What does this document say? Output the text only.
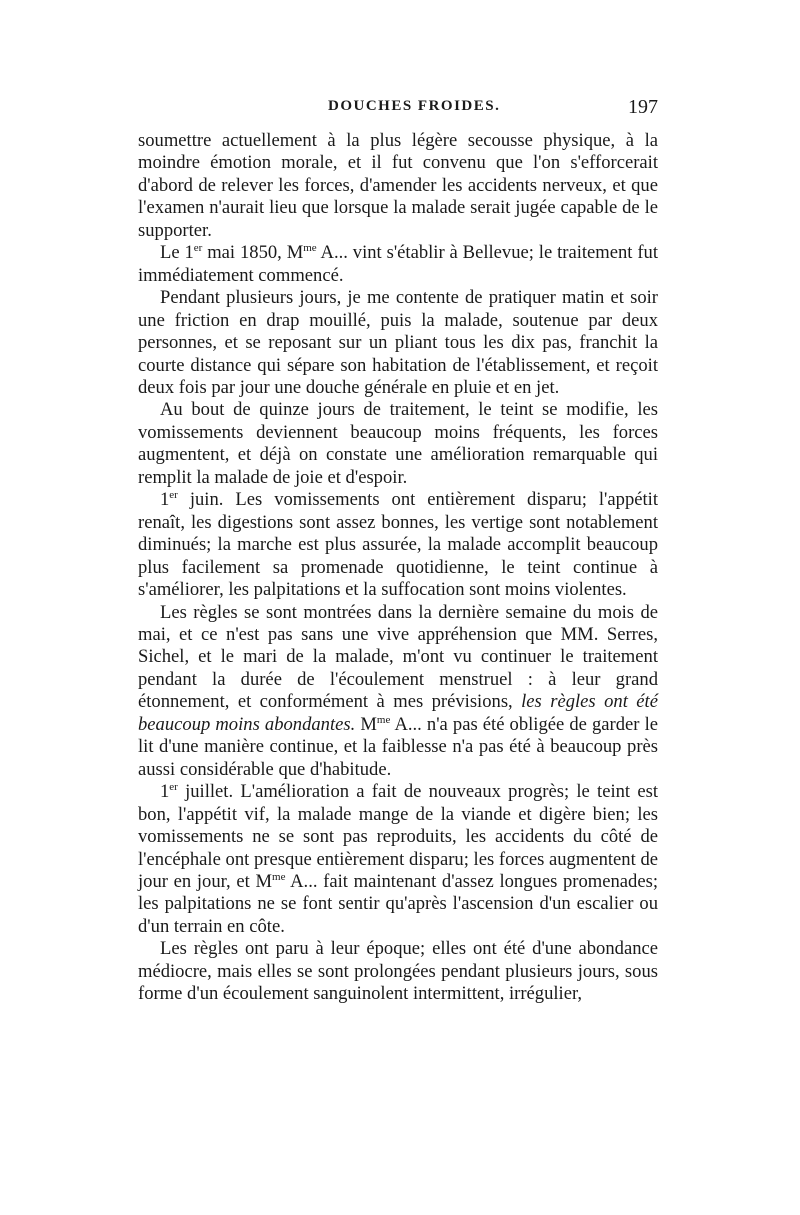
DOUCHES FROIDES.	197

soumettre actuellement à la plus légère secousse physique, à la moindre émotion morale, et il fut convenu que l'on s'efforcerait d'abord de relever les forces, d'amender les accidents nerveux, et que l'examen n'aurait lieu que lorsque la malade serait jugée capable de le supporter.

Le 1er mai 1850, $M^{me}$ A... vint s'établir à Bellevue; le traitement fut immédiatement commencé.

Pendant plusieurs jours, je me contente de pratiquer matin et soir une friction en drap mouillé, puis la malade, soutenue par deux personnes, et se reposant sur un pliant tous les dix pas, franchit la courte distance qui sépare son habitation de l'établissement, et reçoit deux fois par jour une douche générale en pluie et en jet.

Au bout de quinze jours de traitement, le teint se modifie, les vomissements deviennent beaucoup moins fréquents, les forces augmentent, et déjà on constate une amélioration remarquable qui remplit la malade de joie et d'espoir.

1er juin. Les vomissements ont entièrement disparu; l'appétit renaît, les digestions sont assez bonnes, les vertige sont notablement diminués; la marche est plus assurée, la malade accomplit beaucoup plus facilement sa promenade quotidienne, le teint continue à s'améliorer, les palpitations et la suffocation sont moins violentes.

Les règles se sont montrées dans la dernière semaine du mois de mai, et ce n'est pas sans une vive appréhension que MM. Serres, Sichel, et le mari de la malade, m'ont vu continuer le traitement pendant la durée de l'écoulement menstruel : à leur grand étonnement, et conformément à mes prévisions, les règles ont été beaucoup moins abondantes. $M^{me}$ A... n'a pas été obligée de garder le lit d'une manière continue, et la faiblesse n'a pas été à beaucoup près aussi considérable que d'habitude.

1er juillet. L'amélioration a fait de nouveaux progrès; le teint est bon, l'appétit vif, la malade mange de la viande et digère bien; les vomissements ne se sont pas reproduits, les accidents du côté de l'encéphale ont presque entièrement disparu; les forces augmentent de jour en jour, et $M^{me}$ A... fait maintenant d'assez longues promenades; les palpitations ne se font sentir qu'après l'ascension d'un escalier ou d'un terrain en côte.

Les règles ont paru à leur époque; elles ont été d'une abondance médiocre, mais elles se sont prolongées pendant plusieurs jours, sous forme d'un écoulement sanguinolent intermittent, irrégulier,
